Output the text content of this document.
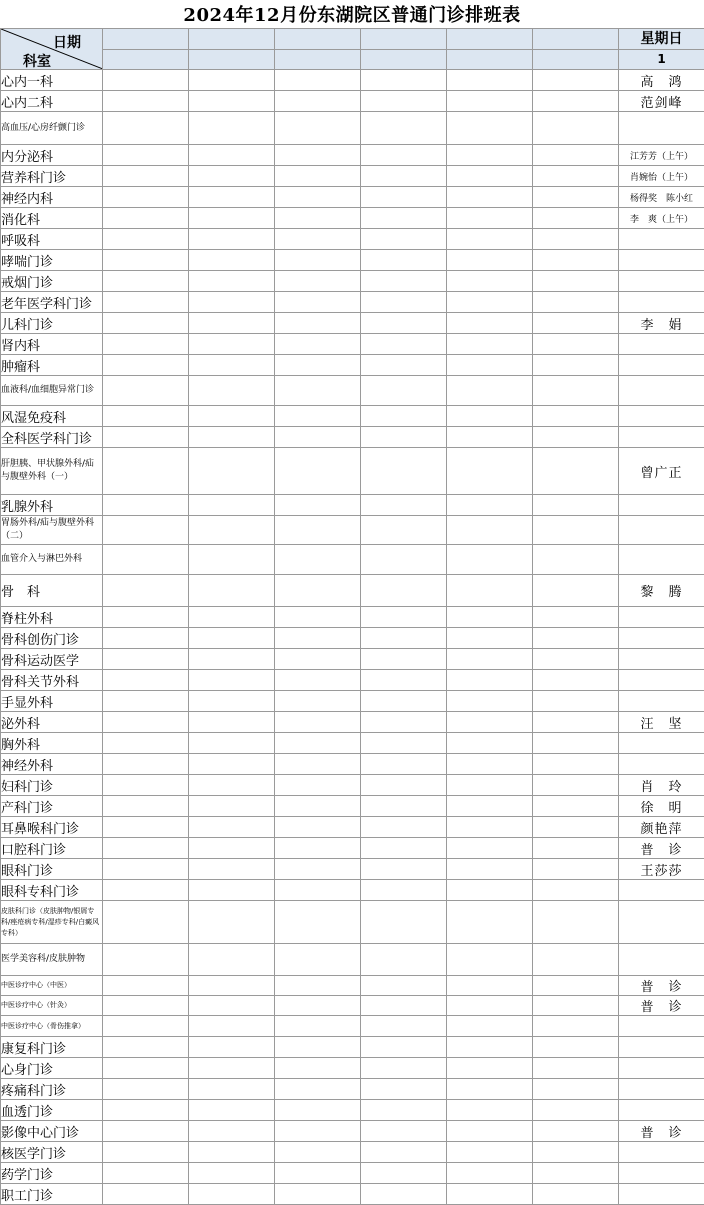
2024年12月份东湖院区普通门诊排班表
日期
科室							星期日
							1
心内一科							高　鸿
心内二科							范剑峰
高血压/心房纤颤门诊							
内分泌科							江芳芳（上午）
营养科门诊							肖婉怡（上午）
神经内科							杨得奖　陈小红
消化科							李　爽（上午）
呼吸科							
哮喘门诊							
戒烟门诊							
老年医学科门诊							
儿科门诊							李　娟
肾内科							
肿瘤科							
血液科/血细胞异常门诊							
风湿免疫科							
全科医学科门诊							
肝胆胰、甲状腺外科/疝与腹壁外科（一）							曾广正
乳腺外科							
胃肠外科/疝与腹壁外科（二）							
血管介入与淋巴外科							
骨　科							黎　腾
脊柱外科							
骨科创伤门诊							
骨科运动医学							
骨科关节外科							
手显外科							
泌外科							汪　坚
胸外科							
神经外科							
妇科门诊							肖　玲
产科门诊							徐　明
耳鼻喉科门诊							颜艳萍
口腔科门诊							普　诊
眼科门诊							王莎莎
眼科专科门诊							
皮肤科门诊（皮肤肿物/银屑专科/痤疮病专科/湿疹专科/白癜风专科）							
医学美容科/皮肤肿物							
中医诊疗中心（中医）							普　诊
中医诊疗中心（针灸）							普　诊
中医诊疗中心（骨伤推拿）							
康复科门诊							
心身门诊							
疼痛科门诊							
血透门诊							
影像中心门诊							普　诊
核医学门诊							
药学门诊							
职工门诊							
